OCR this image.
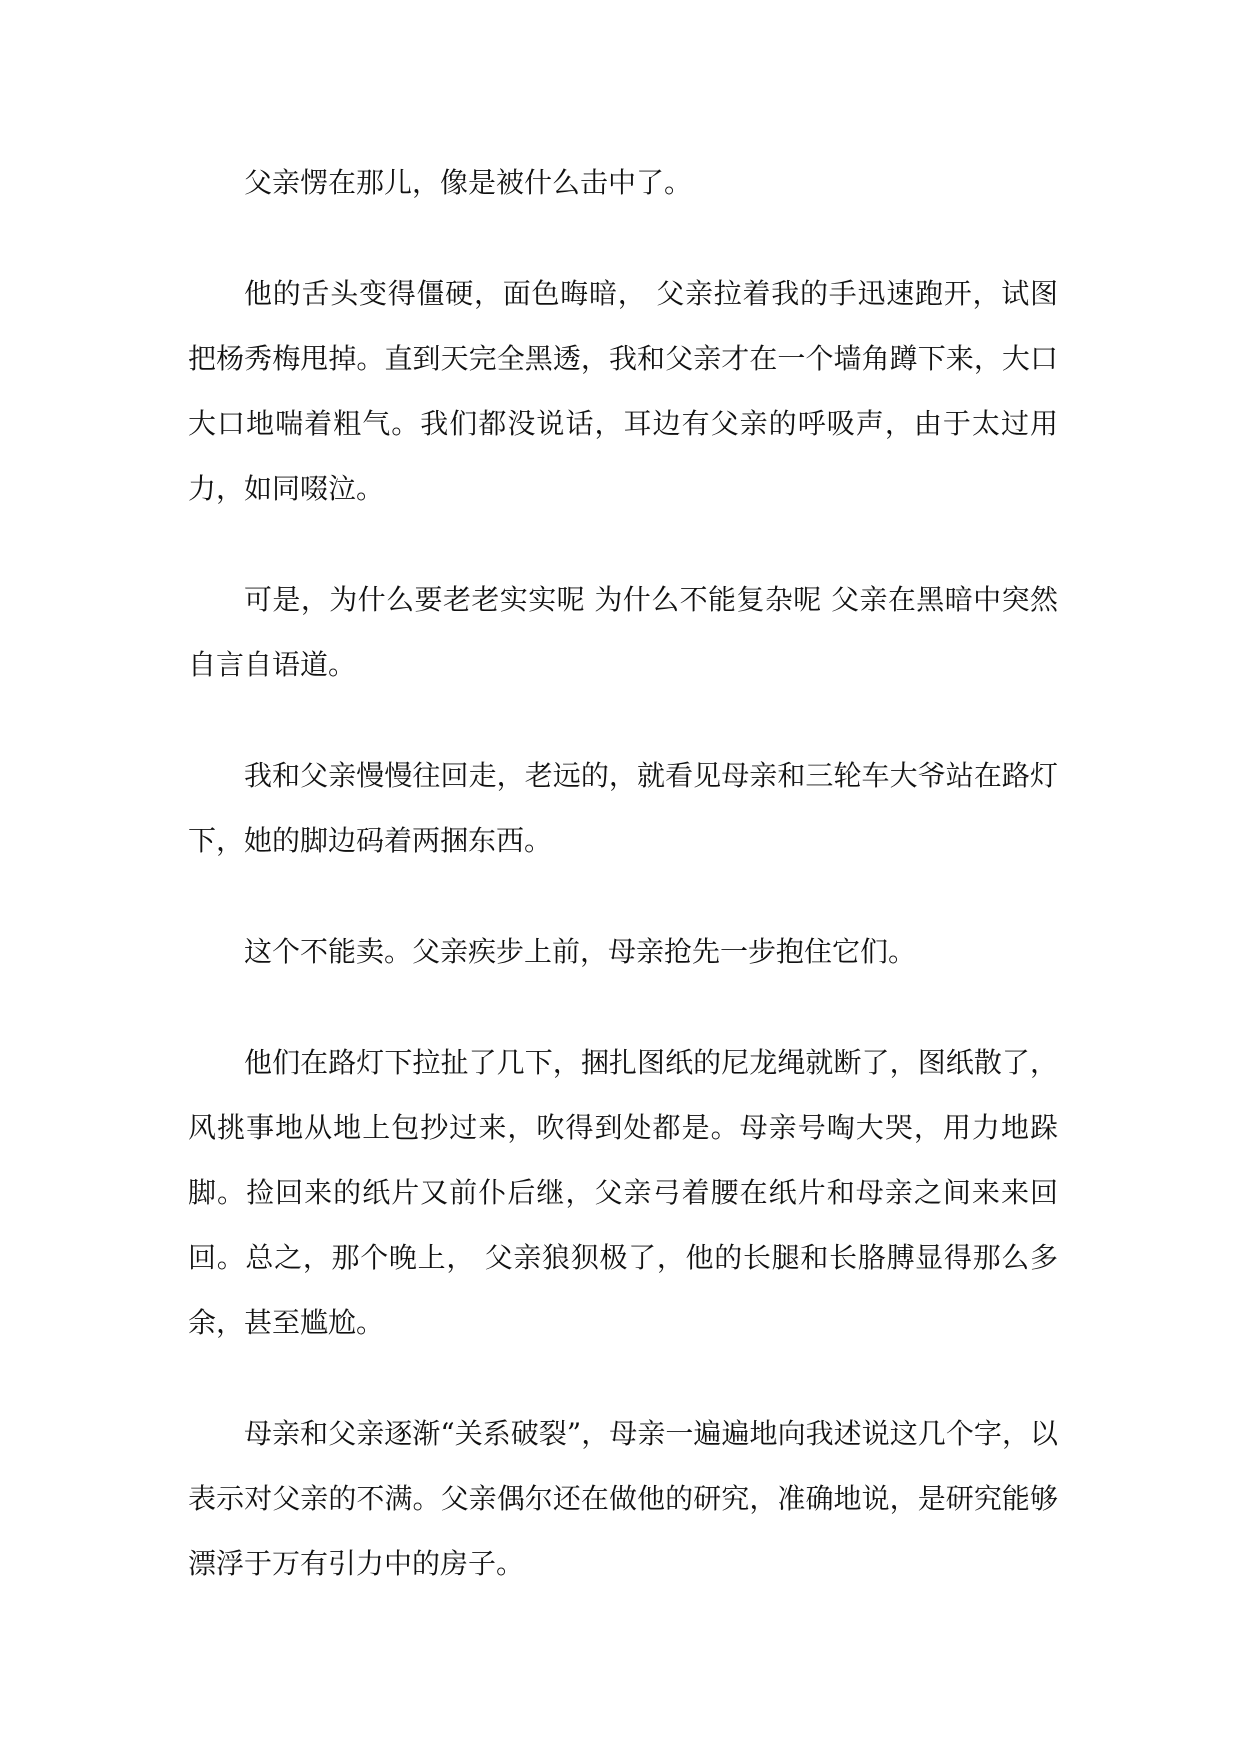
父亲愣在那儿，像是被什么击中了。

他的舌头变得僵硬，面色晦暗， 父亲拉着我的手迅速跑开，试图把杨秀梅甩掉。直到天完全黑透，我和父亲才在一个墙角蹲下来，大口大口地喘着粗气。我们都没说话，耳边有父亲的呼吸声，由于太过用力，如同啜泣。

可是，为什么要老老实实呢 为什么不能复杂呢 父亲在黑暗中突然自言自语道。

我和父亲慢慢往回走，老远的，就看见母亲和三轮车大爷站在路灯下，她的脚边码着两捆东西。

这个不能卖。父亲疾步上前，母亲抢先一步抱住它们。

他们在路灯下拉扯了几下，捆扎图纸的尼龙绳就断了，图纸散了，风挑事地从地上包抄过来，吹得到处都是。母亲号啕大哭，用力地跺脚。捡回来的纸片又前仆后继，父亲弓着腰在纸片和母亲之间来来回回。总之，那个晚上， 父亲狼狈极了，他的长腿和长胳膊显得那么多余，甚至尴尬。

母亲和父亲逐渐“关系破裂”，母亲一遍遍地向我述说这几个字，以表示对父亲的不满。父亲偶尔还在做他的研究，准确地说，是研究能够漂浮于万有引力中的房子。
